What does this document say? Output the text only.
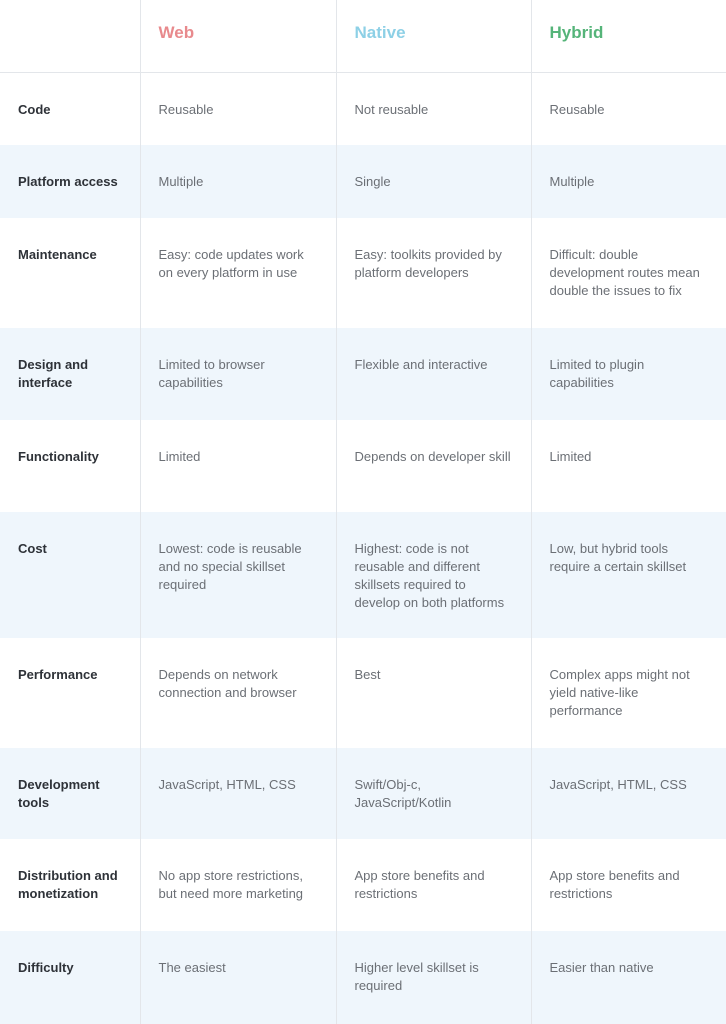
	Web	Native	Hybrid
Code	Reusable	Not reusable	Reusable
Platform access	Multiple	Single	Multiple
Maintenance	Easy: code updates work on every platform in use	Easy: toolkits provided by platform developers	Difficult: double development routes mean double the issues to fix
Design and interface	Limited to browser capabilities	Flexible and interactive	Limited to plugin capabilities
Functionality	Limited	Depends on developer skill	Limited
Cost	Lowest: code is reusable and no special skillset required	Highest: code is not reusable and different skillsets required to develop on both platforms	Low, but hybrid tools require a certain skillset
Performance	Depends on network connection and browser	Best	Complex apps might not yield native-like performance
Development tools	JavaScript, HTML, CSS	Swift/Obj-c, JavaScript/Kotlin	JavaScript, HTML, CSS
Distribution and monetization	No app store restrictions, but need more marketing	App store benefits and restrictions	App store benefits and restrictions
Difficulty	The easiest	Higher level skillset is required	Easier than native
